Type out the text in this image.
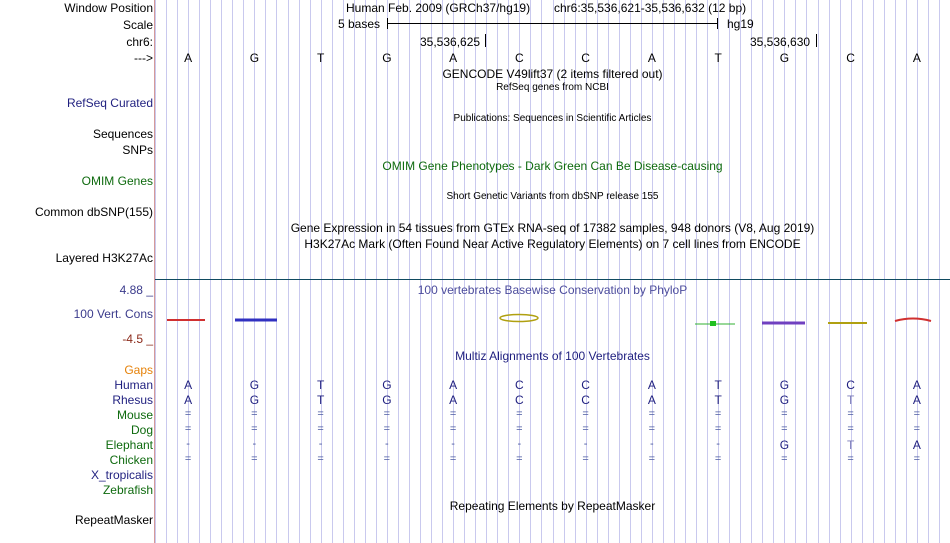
Window Position	Human Feb. 2009 (GRCh37/hg19) chr6:35,536,621-35,536,632 (12 bp)
Scale	5 bases	hg19
chr6:	35,536,625	35,536,630
--->	A	G	T	G	A	C	C	A	T	G	C	A
GENCODE V49lift37 (2 items filtered out)
RefSeq Curated
RefSeq genes from NCBI
Sequences
Publications: Sequences in Scientific Articles
SNPs
OMIM Gene Phenotypes - Dark Green Can Be Disease-causing
OMIM Genes
Short Genetic Variants from dbSNP release 155
Common dbSNP(155)
Gene Expression in 54 tissues from GTEx RNA-seq of 17382 samples, 948 donors (V8, Aug 2019)
H3K27Ac Mark (Often Found Near Active Regulatory Elements) on 7 cell lines from ENCODE
Layered H3K27Ac
4.88 _	100 vertebrates Basewise Conservation by PhyloP
100 Vert. Cons
-4.5 _
Gaps
Multiz Alignments of 100 Vertebrates
Human	A	G	T	G	A	C	C	A	T	G	C	A
Rhesus	A	G	T	G	A	C	C	A	T	G	T	A
Mouse	=	=	=	=	=	=	=	=	=	=	=	=
Dog	=	=	=	=	=	=	=	=	=	=	=	=
Elephant	-	-	-	-	-	-	-	-	-	G	T	A
Chicken	=	=	=	=	=	=	=	=	=	=	=	=
X_tropicalis
Zebrafish
Repeating Elements by RepeatMasker
RepeatMasker
